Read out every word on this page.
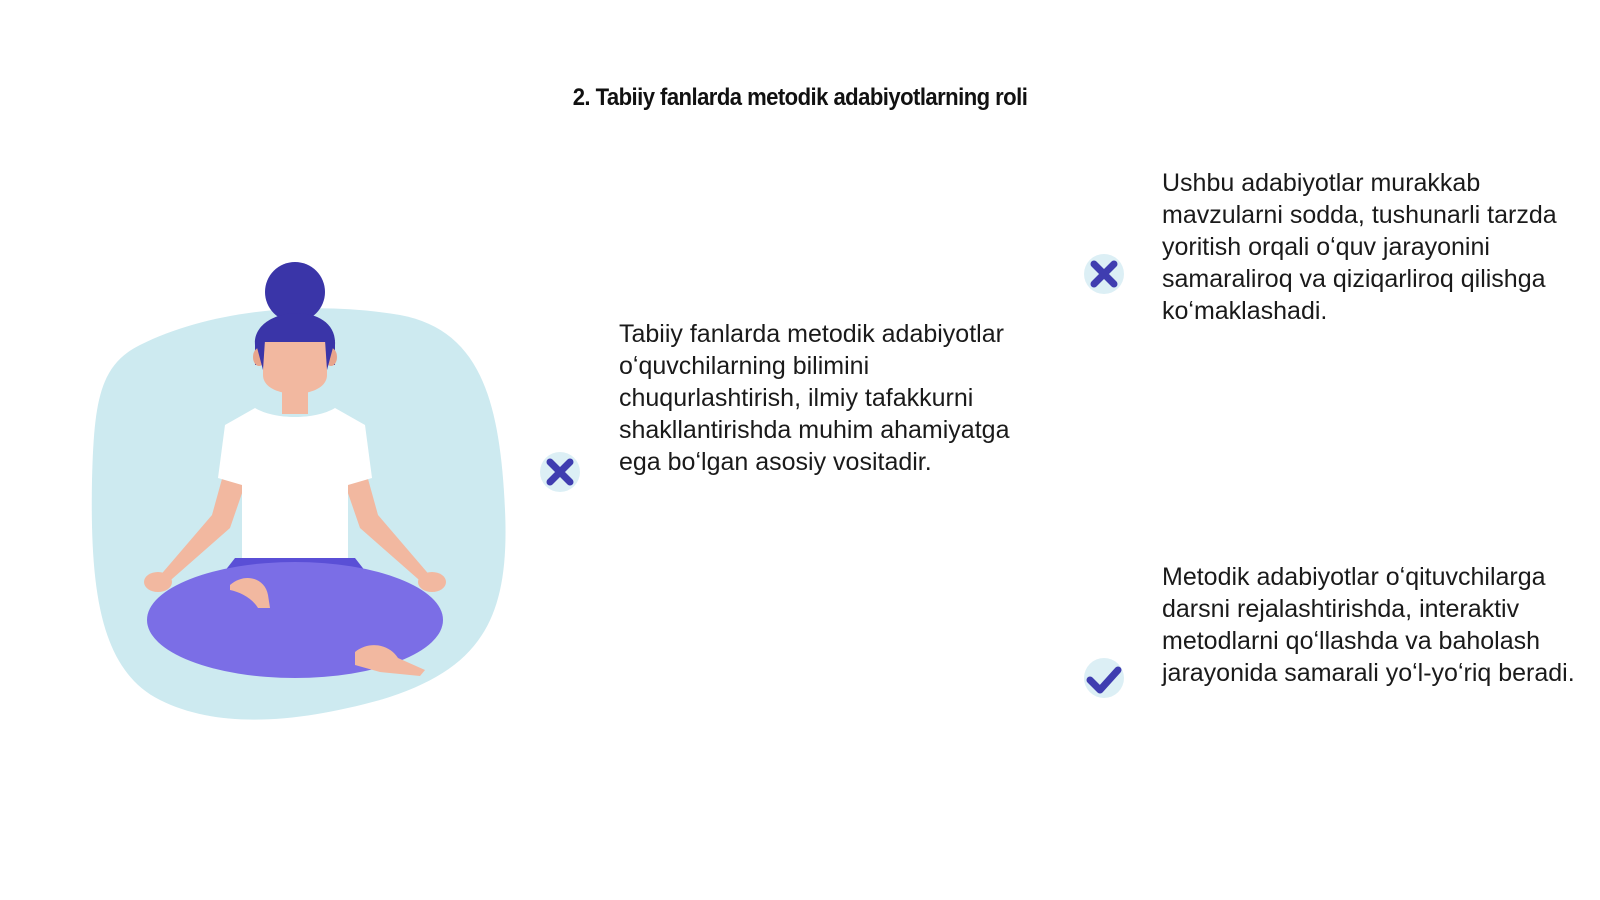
2. Tabiiy fanlarda metodik adabiyotlarning roli

Tabiiy fanlarda metodik adabiyotlar oʻquvchilarning bilimini chuqurlashtirish, ilmiy tafakkurni shakllantirishda muhim ahamiyatga ega boʻlgan asosiy vositadir.

Ushbu adabiyotlar murakkab mavzularni sodda, tushunarli tarzda yoritish orqali oʻquv jarayonini samaraliroq va qiziqarliroq qilishga koʻmaklashadi.

Metodik adabiyotlar oʻqituvchilarga darsni rejalashtirishda, interaktiv metodlarni qoʻllashda va baholash jarayonida samarali yoʻl-yoʻriq beradi.
